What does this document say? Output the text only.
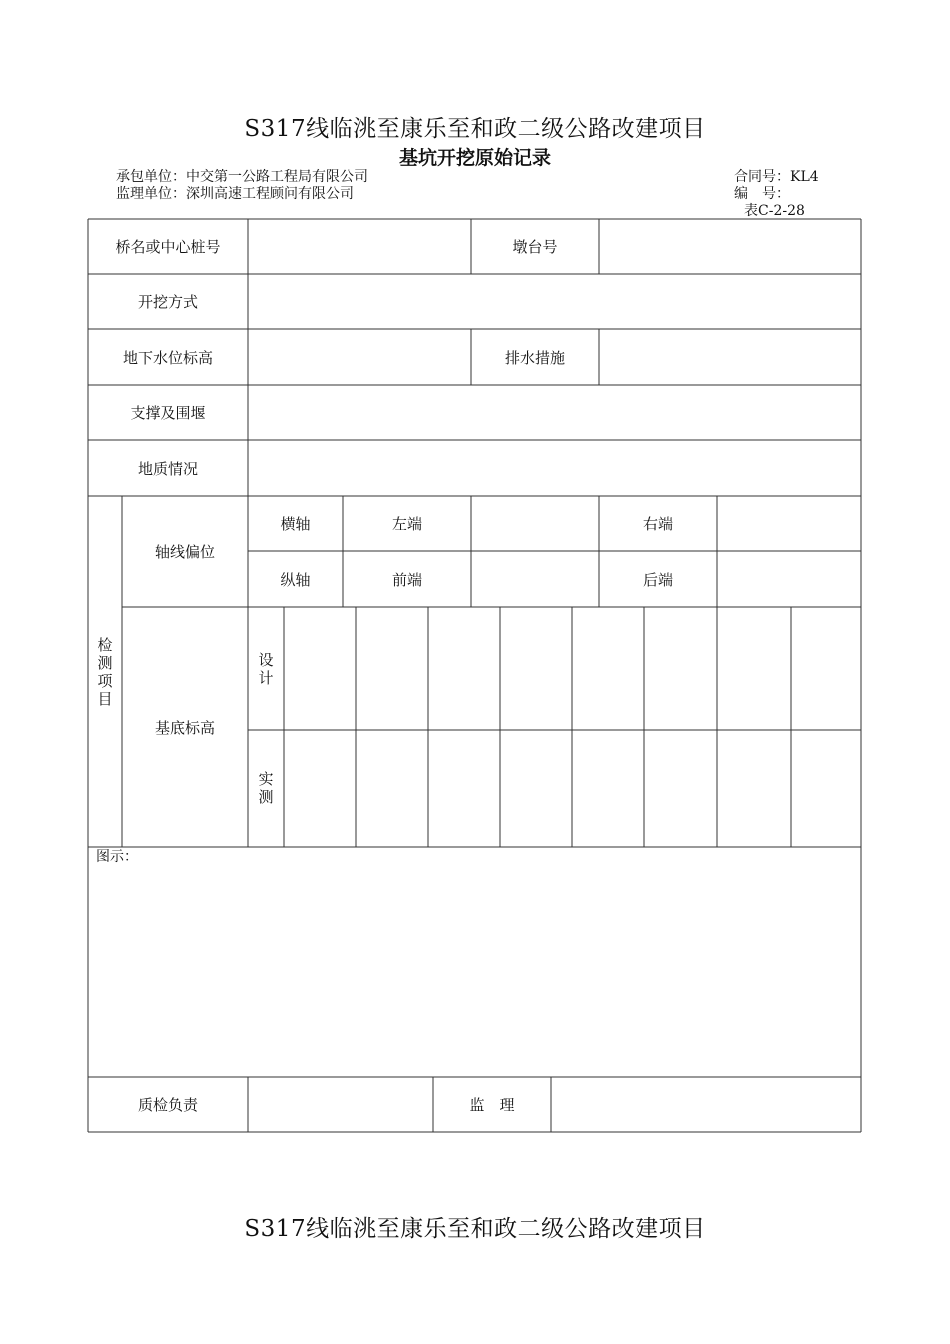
S317线临洮至康乐至和政二级公路改建项目
基坑开挖原始记录
承包单位：中交第一公路工程局有限公司
监理单位：深圳高速工程顾问有限公司
合同号：KL4
编　号：
表C-2-28
桥名或中心桩号	墩台号
开挖方式
地下水位标高	排水措施
支撑及围堰
地质情况
检
测
项
目
轴线偏位
横轴	左端	右端
纵轴	前端	后端
基底标高
设
计
实
测
图示：
质检负责	监　理
S317线临洮至康乐至和政二级公路改建项目
